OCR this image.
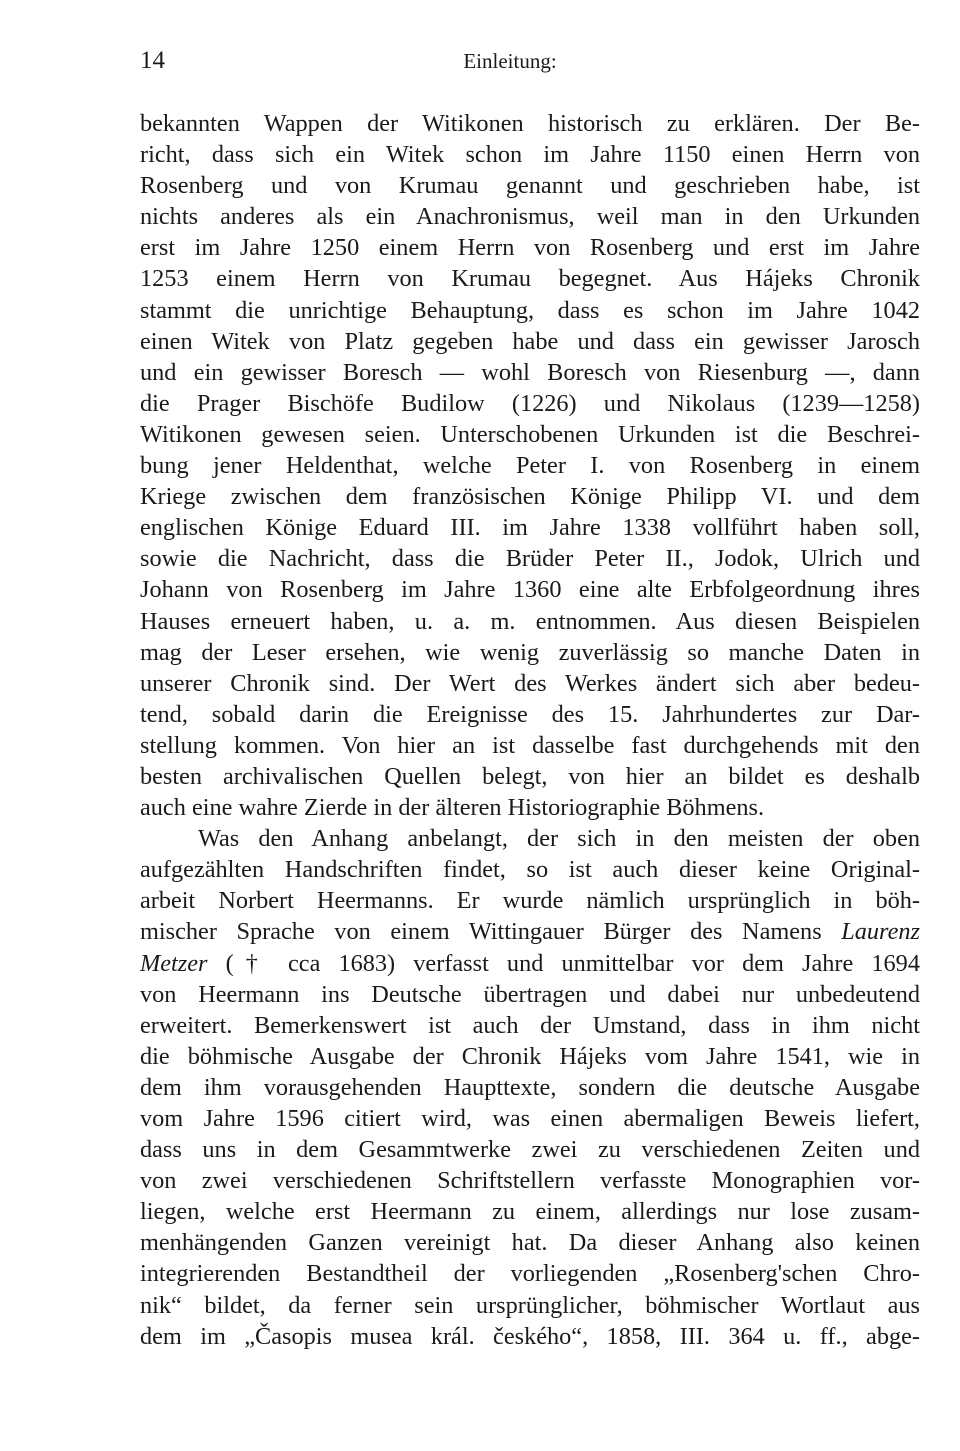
14	Einleitung:
bekannten Wappen der Witikonen historisch zu erklären. Der Be-
richt, dass sich ein Witek schon im Jahre 1150 einen Herrn von
Rosenberg und von Krumau genannt und geschrieben habe, ist
nichts anderes als ein Anachronismus, weil man in den Urkunden
erst im Jahre 1250 einem Herrn von Rosenberg und erst im Jahre
1253 einem Herrn von Krumau begegnet. Aus Hájeks Chronik
stammt die unrichtige Behauptung, dass es schon im Jahre 1042
einen Witek von Platz gegeben habe und dass ein gewisser Jarosch
und ein gewisser Boresch — wohl Boresch von Riesenburg —, dann
die Prager Bischöfe Budilow (1226) und Nikolaus (1239—1258)
Witikonen gewesen seien. Unterschobenen Urkunden ist die Beschrei-
bung jener Heldenthat, welche Peter I. von Rosenberg in einem
Kriege zwischen dem französischen Könige Philipp VI. und dem
englischen Könige Eduard III. im Jahre 1338 vollführt haben soll,
sowie die Nachricht, dass die Brüder Peter II., Jodok, Ulrich und
Johann von Rosenberg im Jahre 1360 eine alte Erbfolgeordnung ihres
Hauses erneuert haben, u. a. m. entnommen. Aus diesen Beispielen
mag der Leser ersehen, wie wenig zuverlässig so manche Daten in
unserer Chronik sind. Der Wert des Werkes ändert sich aber bedeu-
tend, sobald darin die Ereignisse des 15. Jahrhundertes zur Dar-
stellung kommen. Von hier an ist dasselbe fast durchgehends mit den
besten archivalischen Quellen belegt, von hier an bildet es deshalb
auch eine wahre Zierde in der älteren Historiographie Böhmens.
Was den Anhang anbelangt, der sich in den meisten der oben
aufgezählten Handschriften findet, so ist auch dieser keine Original-
arbeit Norbert Heermanns. Er wurde nämlich ursprünglich in böh-
mischer Sprache von einem Wittingauer Bürger des Namens Laurenz
Metzer († cca 1683) verfasst und unmittelbar vor dem Jahre 1694
von Heermann ins Deutsche übertragen und dabei nur unbedeutend
erweitert. Bemerkenswert ist auch der Umstand, dass in ihm nicht
die böhmische Ausgabe der Chronik Hájeks vom Jahre 1541, wie in
dem ihm vorausgehenden Haupttexte, sondern die deutsche Ausgabe
vom Jahre 1596 citiert wird, was einen abermaligen Beweis liefert,
dass uns in dem Gesammtwerke zwei zu verschiedenen Zeiten und
von zwei verschiedenen Schriftstellern verfasste Monographien vor-
liegen, welche erst Heermann zu einem, allerdings nur lose zusam-
menhängenden Ganzen vereinigt hat. Da dieser Anhang also keinen
integrierenden Bestandtheil der vorliegenden „Rosenberg'schen Chro-
nik“ bildet, da ferner sein ursprünglicher, böhmischer Wortlaut aus
dem im „Časopis musea král. českého“, 1858, III. 364 u. ff., abge-
